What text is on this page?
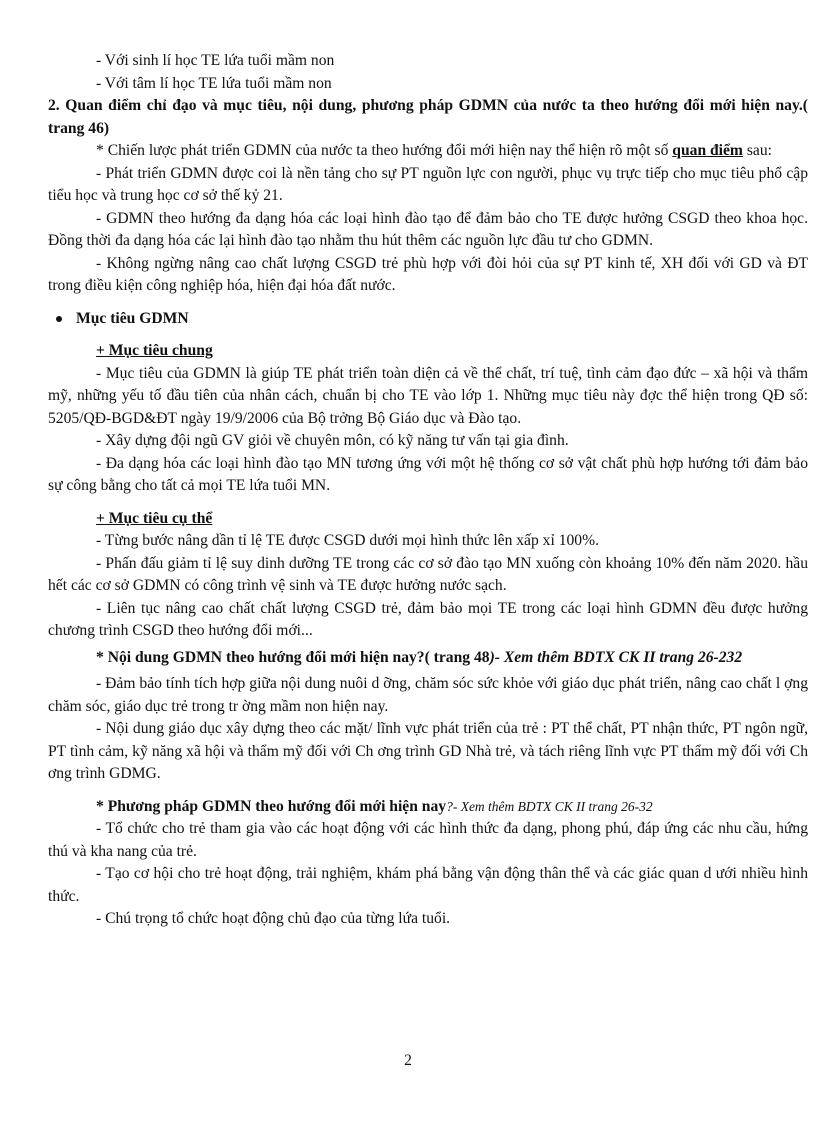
- Với sinh lí học TE lứa tuổi mầm non

- Với tâm lí học TE lứa tuổi mầm non

2. Quan điểm chỉ đạo và mục tiêu, nội dung, phương pháp GDMN của nước ta theo hướng đổi mới hiện nay.( trang 46)

* Chiến lược phát triển GDMN của nước ta theo hướng đổi mới hiện nay thể hiện rõ một số quan điểm sau:

- Phát triển GDMN được coi là nền tảng cho sự PT nguồn lực con người, phục vụ trực tiếp cho mục tiêu phổ cập tiểu học và trung học cơ sở thế kỷ 21.

- GDMN theo hướng đa dạng hóa các loại hình đào tạo để đảm bảo cho TE được hưởng CSGD theo khoa học. Đồng thời đa dạng hóa các lại hình đào tạo nhằm thu hút thêm các nguồn lực đầu tư cho GDMN.

- Không ngừng nâng cao chất lượng CSGD trẻ phù hợp với đòi hỏi của sự PT kinh tế, XH đối với GD và ĐT trong điều kiện công nghiệp hóa, hiện đại hóa đất nước.

Mục tiêu GDMN

+ Mục tiêu chung

- Mục tiêu của GDMN là giúp TE phát triển toàn diện cả về thể chất, trí tuệ, tình cảm đạo đức – xã hội và thẩm mỹ, những yếu tố đầu tiên của nhân cách, chuẩn bị cho TE vào lớp 1. Những mục tiêu này đợc thể hiện trong QĐ số: 5205/QĐ-BGD&ĐT ngày 19/9/2006 của Bộ trởng Bộ Giáo dục và Đào tạo.

- Xây dựng đội ngũ GV giỏi về chuyên môn, có kỹ năng tư vấn tại gia đình.

- Đa dạng hóa các loại hình đào tạo MN tương ứng với một hệ thống cơ sở vật chất phù hợp hướng tới đảm bảo sự công bằng cho tất cả mọi TE lứa tuổi MN.

+ Mục tiêu cụ thể

- Từng bước nâng dần tỉ lệ TE được CSGD dưới mọi hình thức lên xấp xỉ 100%.

- Phấn đấu giảm tỉ lệ suy dinh dưỡng TE trong các cơ sở đào tạo MN xuống còn khoảng 10% đến năm 2020. hầu hết các cơ sở GDMN có công trình vệ sinh và TE được hưởng nước sạch.

- Liên tục nâng cao chất chất lượng CSGD trẻ, đảm bảo mọi TE trong các loại hình GDMN đều được hưởng chương trình CSGD theo hướng đổi mới...

* Nội dung GDMN theo hướng đổi mới hiện nay?( trang 48)- Xem thêm BDTX CK II trang 26-232

- Đảm bảo tính tích hợp giữa nội dung nuôi d ỡng, chăm sóc sức khỏe với giáo dục phát triển, nâng cao chất l ợng chăm sóc, giáo dục trẻ trong tr ờng mầm non hiện nay.

- Nội dung giáo dục xây dựng theo các mặt/ lĩnh vực phát triển của trẻ : PT thể chất, PT nhận thức, PT ngôn ngữ, PT tình cảm, kỹ năng xã hội và thẩm mỹ đối với Ch ơng trình GD Nhà trẻ, và tách riêng lĩnh vực PT thẩm mỹ đối với Ch ơng trình GDMG.

* Phương pháp GDMN theo hướng đổi mới hiện nay?- Xem thêm BDTX CK II trang 26-32

- Tổ chức cho trẻ tham gia vào các hoạt động với các hình thức đa dạng, phong phú, đáp ứng các nhu cầu, hứng thú và kha nang của trẻ.

- Tạo cơ hội cho trẻ hoạt động, trải nghiệm, khám phá bằng vận động thân thể và các giác quan d ưới nhiều hình thức.

- Chú trọng tổ chức hoạt động chủ đạo của từng lứa tuổi.

2
